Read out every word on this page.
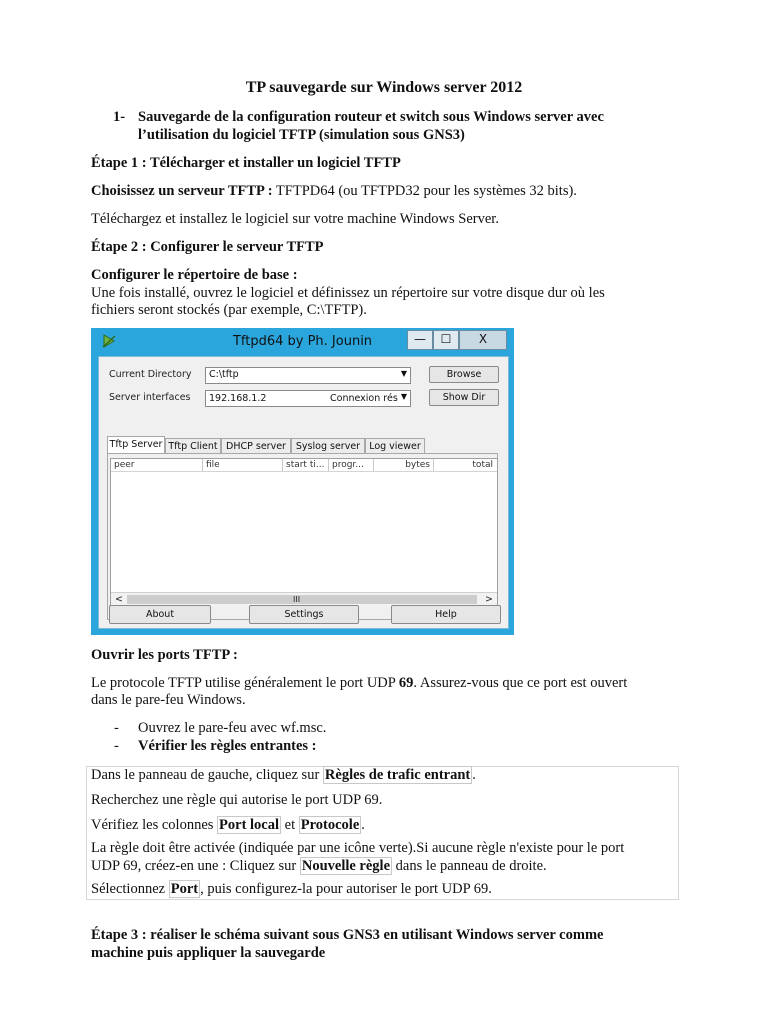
TP sauvegarde sur Windows server 2012
1- Sauvegarde de la configuration routeur et switch sous Windows server avec
l’utilisation du logiciel TFTP (simulation sous GNS3)
Étape 1 : Télécharger et installer un logiciel TFTP
Choisissez un serveur TFTP : TFTPD64 (ou TFTPD32 pour les systèmes 32 bits).
Téléchargez et installez le logiciel sur votre machine Windows Server.
Étape 2 : Configurer le serveur TFTP
Configurer le répertoire de base :
Une fois installé, ouvrez le logiciel et définissez un répertoire sur votre disque dur où les
fichiers seront stockés (par exemple, C:\TFTP).
Tftpd64 by Ph. Jounin	—	☐	X
Current Directory C:\tftp	▼	Browse
Server interfaces 192.168.1.2	Connexion rés ▼	Show Dir
Tftp Server Tftp Client DHCP server	Syslog server Log viewer
peer	file	start ti... progr...	bytes	total
<	III	>
About	Settings	Help
Ouvrir les ports TFTP :
Le protocole TFTP utilise généralement le port UDP 69. Assurez-vous que ce port est ouvert
dans le pare-feu Windows.
- Ouvrez le pare-feu avec wf.msc.
- Vérifier les règles entrantes :
Dans le panneau de gauche, cliquez sur Règles de trafic entrant .
Recherchez une règle qui autorise le port UDP 69.
Vérifiez les colonnes Port local et Protocole .
La règle doit être activée (indiquée par une icône verte).Si aucune règle n'existe pour le port
UDP 69, créez-en une : Cliquez sur Nouvelle règle dans le panneau de droite.
Sélectionnez Port , puis configurez-la pour autoriser le port UDP 69.
Étape 3 : réaliser le schéma suivant sous GNS3 en utilisant Windows server comme
machine puis appliquer la sauvegarde
